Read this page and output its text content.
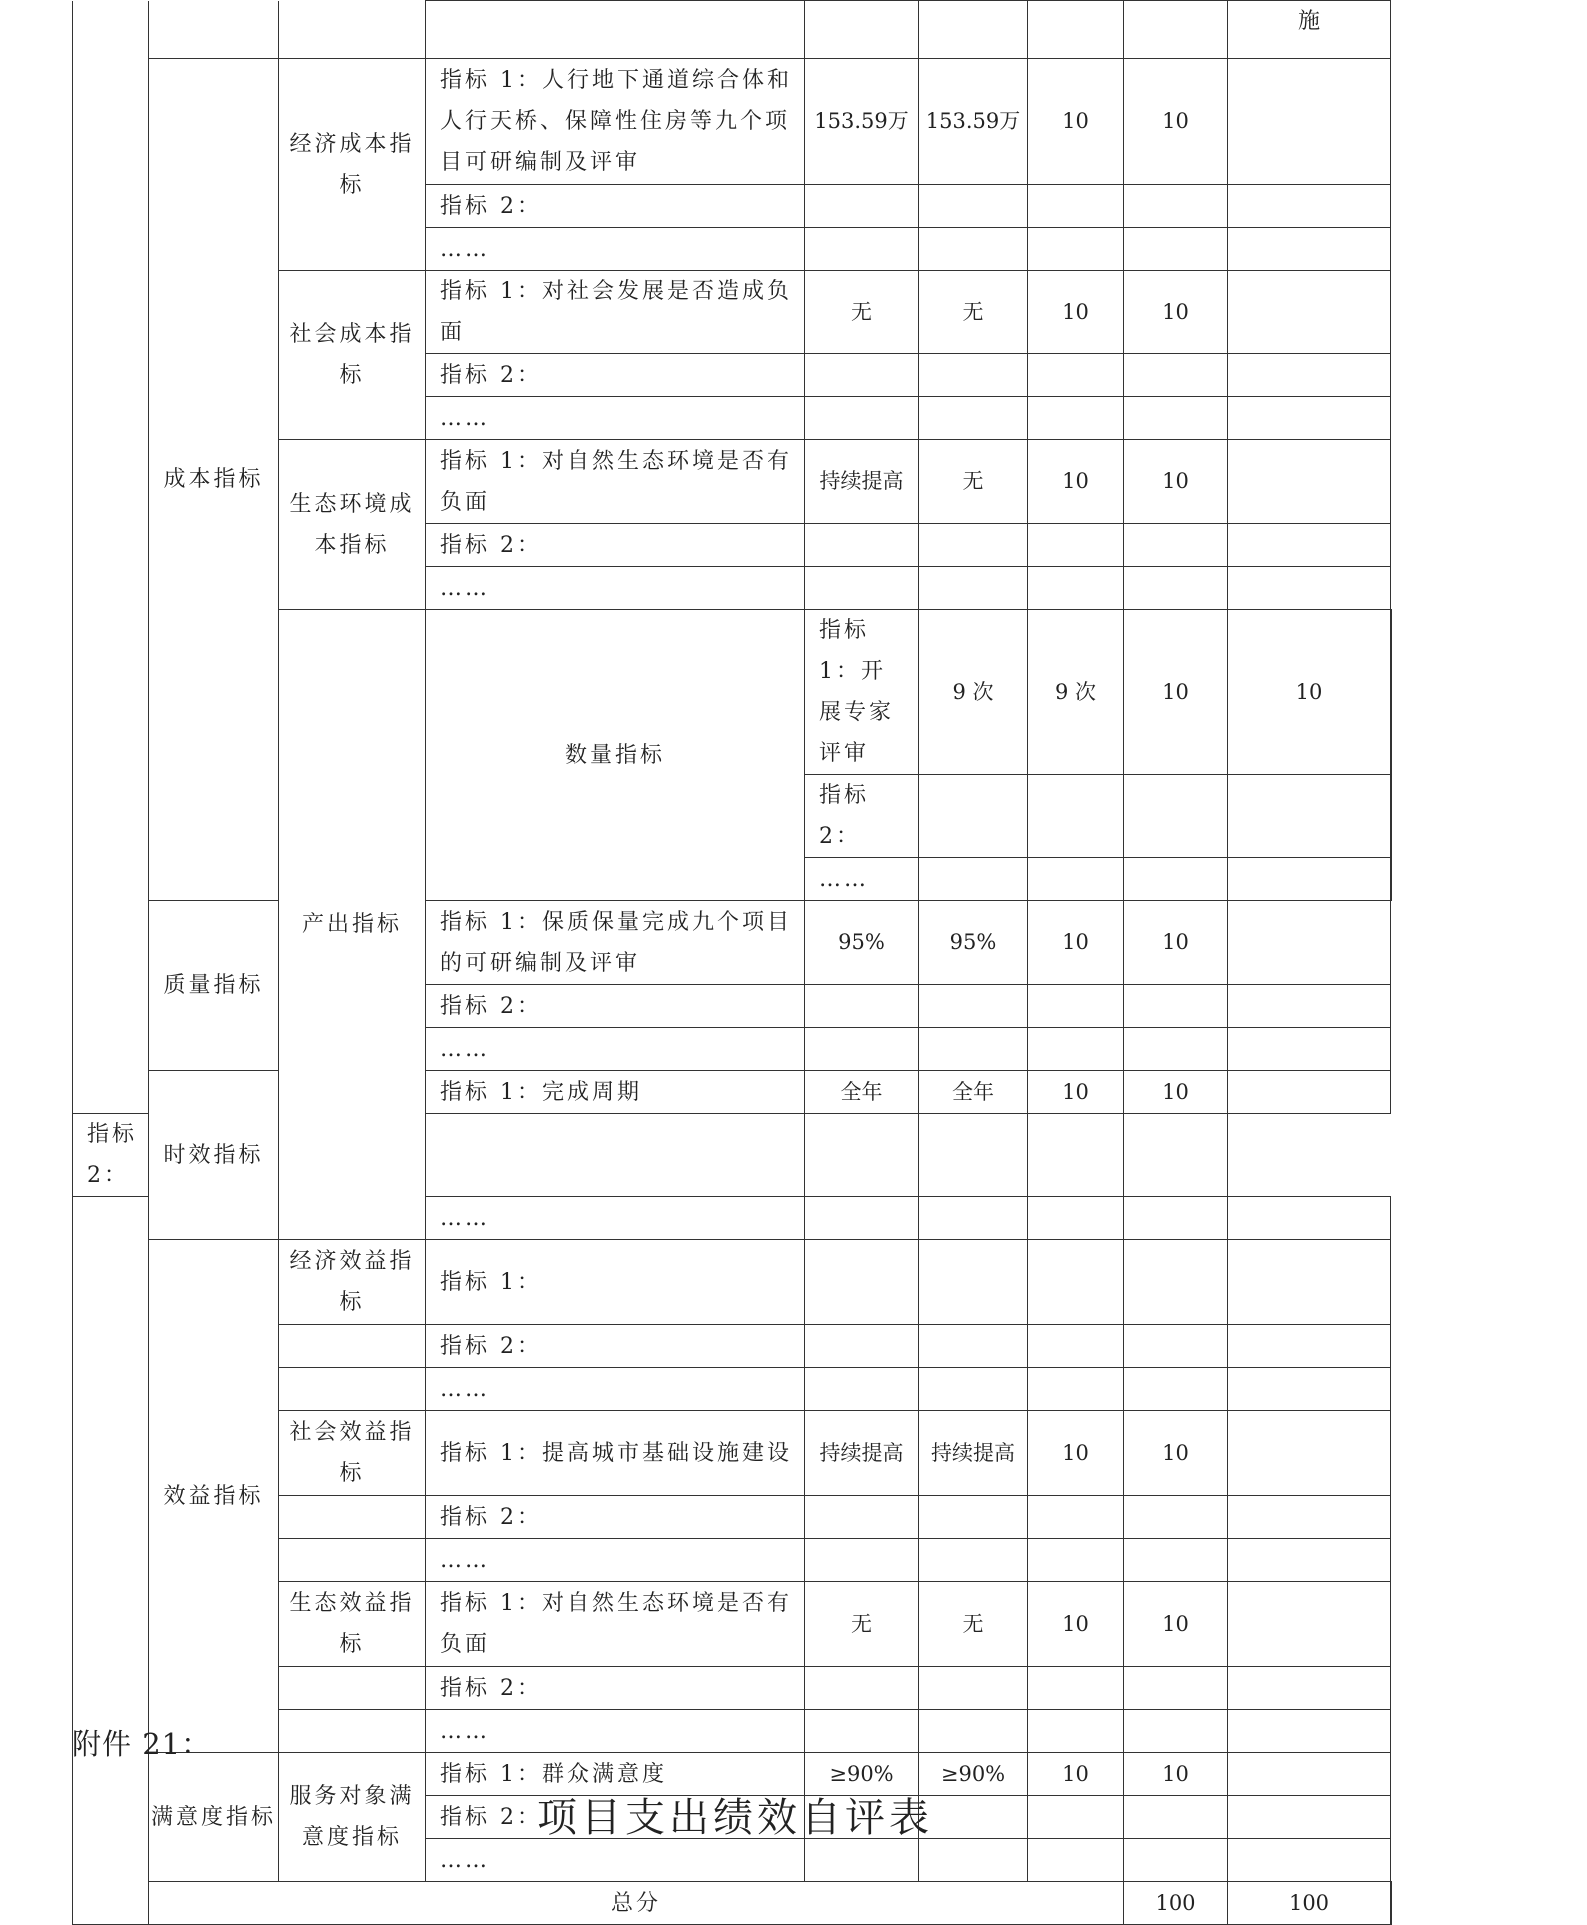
								施	
	成本指标	经济成本指标	指标 1：人行地下通道综合体和人行天桥、保障性住房等九个项目可研编制及评审	153.59万	153.59万	10	10		
			指标 2：						
			……						
		社会成本指标	指标 1：对社会发展是否造成负面	无	无	10	10		
			指标 2：						
			……						
		生态环境成本指标	指标 1：对自然生态环境是否有负面	持续提高	无	10	10		
			指标 2：						
			……						
		产出指标	数量指标	指标 1：开展专家评审	9 次	9 次	10	10	
				指标 2：					
				……					
	质量指标		指标 1：保质保量完成九个项目的可研编制及评审	95%	95%	10	10		
			指标 2：						
			……						
	时效指标		指标 1：完成周期	全年	全年	10	10		
指标 2：									
			……						
	效益指标	经济效益指标	指标 1：						
			指标 2：						
			……						
		社会效益指标	指标 1：提高城市基础设施建设	持续提高	持续提高	10	10		
			指标 2：						
			……						
		生态效益指标	指标 1：对自然生态环境是否有负面	无	无	10	10		
			指标 2：						
			……						
	满意度指标	服务对象满意度指标	指标 1：群众满意度	≥90%	≥90%	10	10		
			指标 2：						
			……						
	总分						100	100	
附件 21：
项目支出绩效自评表
